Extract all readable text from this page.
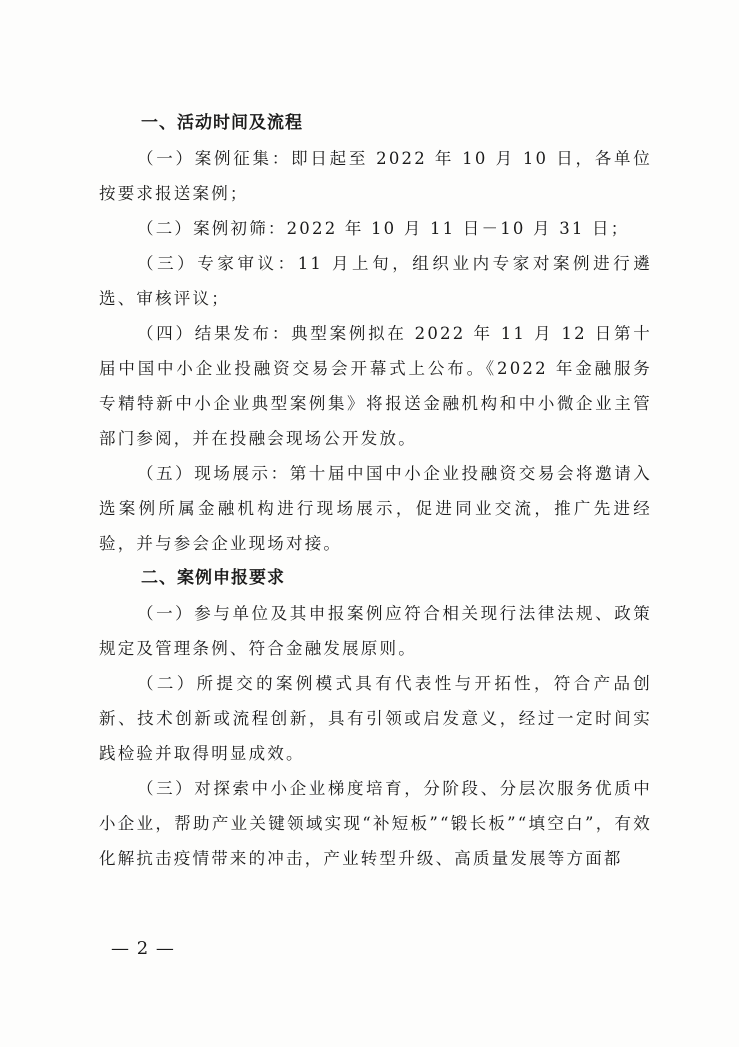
一、活动时间及流程

（一）案例征集：即日起至 2022 年 10 月 10 日，各单位按要求报送案例；

（二）案例初筛：2022 年 10 月 11 日－10 月 31 日；

（三）专家审议：11 月上旬，组织业内专家对案例进行遴选、审核评议；

（四）结果发布：典型案例拟在 2022 年 11 月 12 日第十届中国中小企业投融资交易会开幕式上公布。《2022 年金融服务专精特新中小企业典型案例集》将报送金融机构和中小微企业主管部门参阅，并在投融会现场公开发放。

（五）现场展示：第十届中国中小企业投融资交易会将邀请入选案例所属金融机构进行现场展示，促进同业交流，推广先进经验，并与参会企业现场对接。

二、案例申报要求

（一）参与单位及其申报案例应符合相关现行法律法规、政策规定及管理条例、符合金融发展原则。

（二）所提交的案例模式具有代表性与开拓性，符合产品创新、技术创新或流程创新，具有引领或启发意义，经过一定时间实践检验并取得明显成效。

（三）对探索中小企业梯度培育，分阶段、分层次服务优质中小企业，帮助产业关键领域实现“补短板”“锻长板”“填空白”，有效化解抗击疫情带来的冲击，产业转型升级、高质量发展等方面都

— 2 —
